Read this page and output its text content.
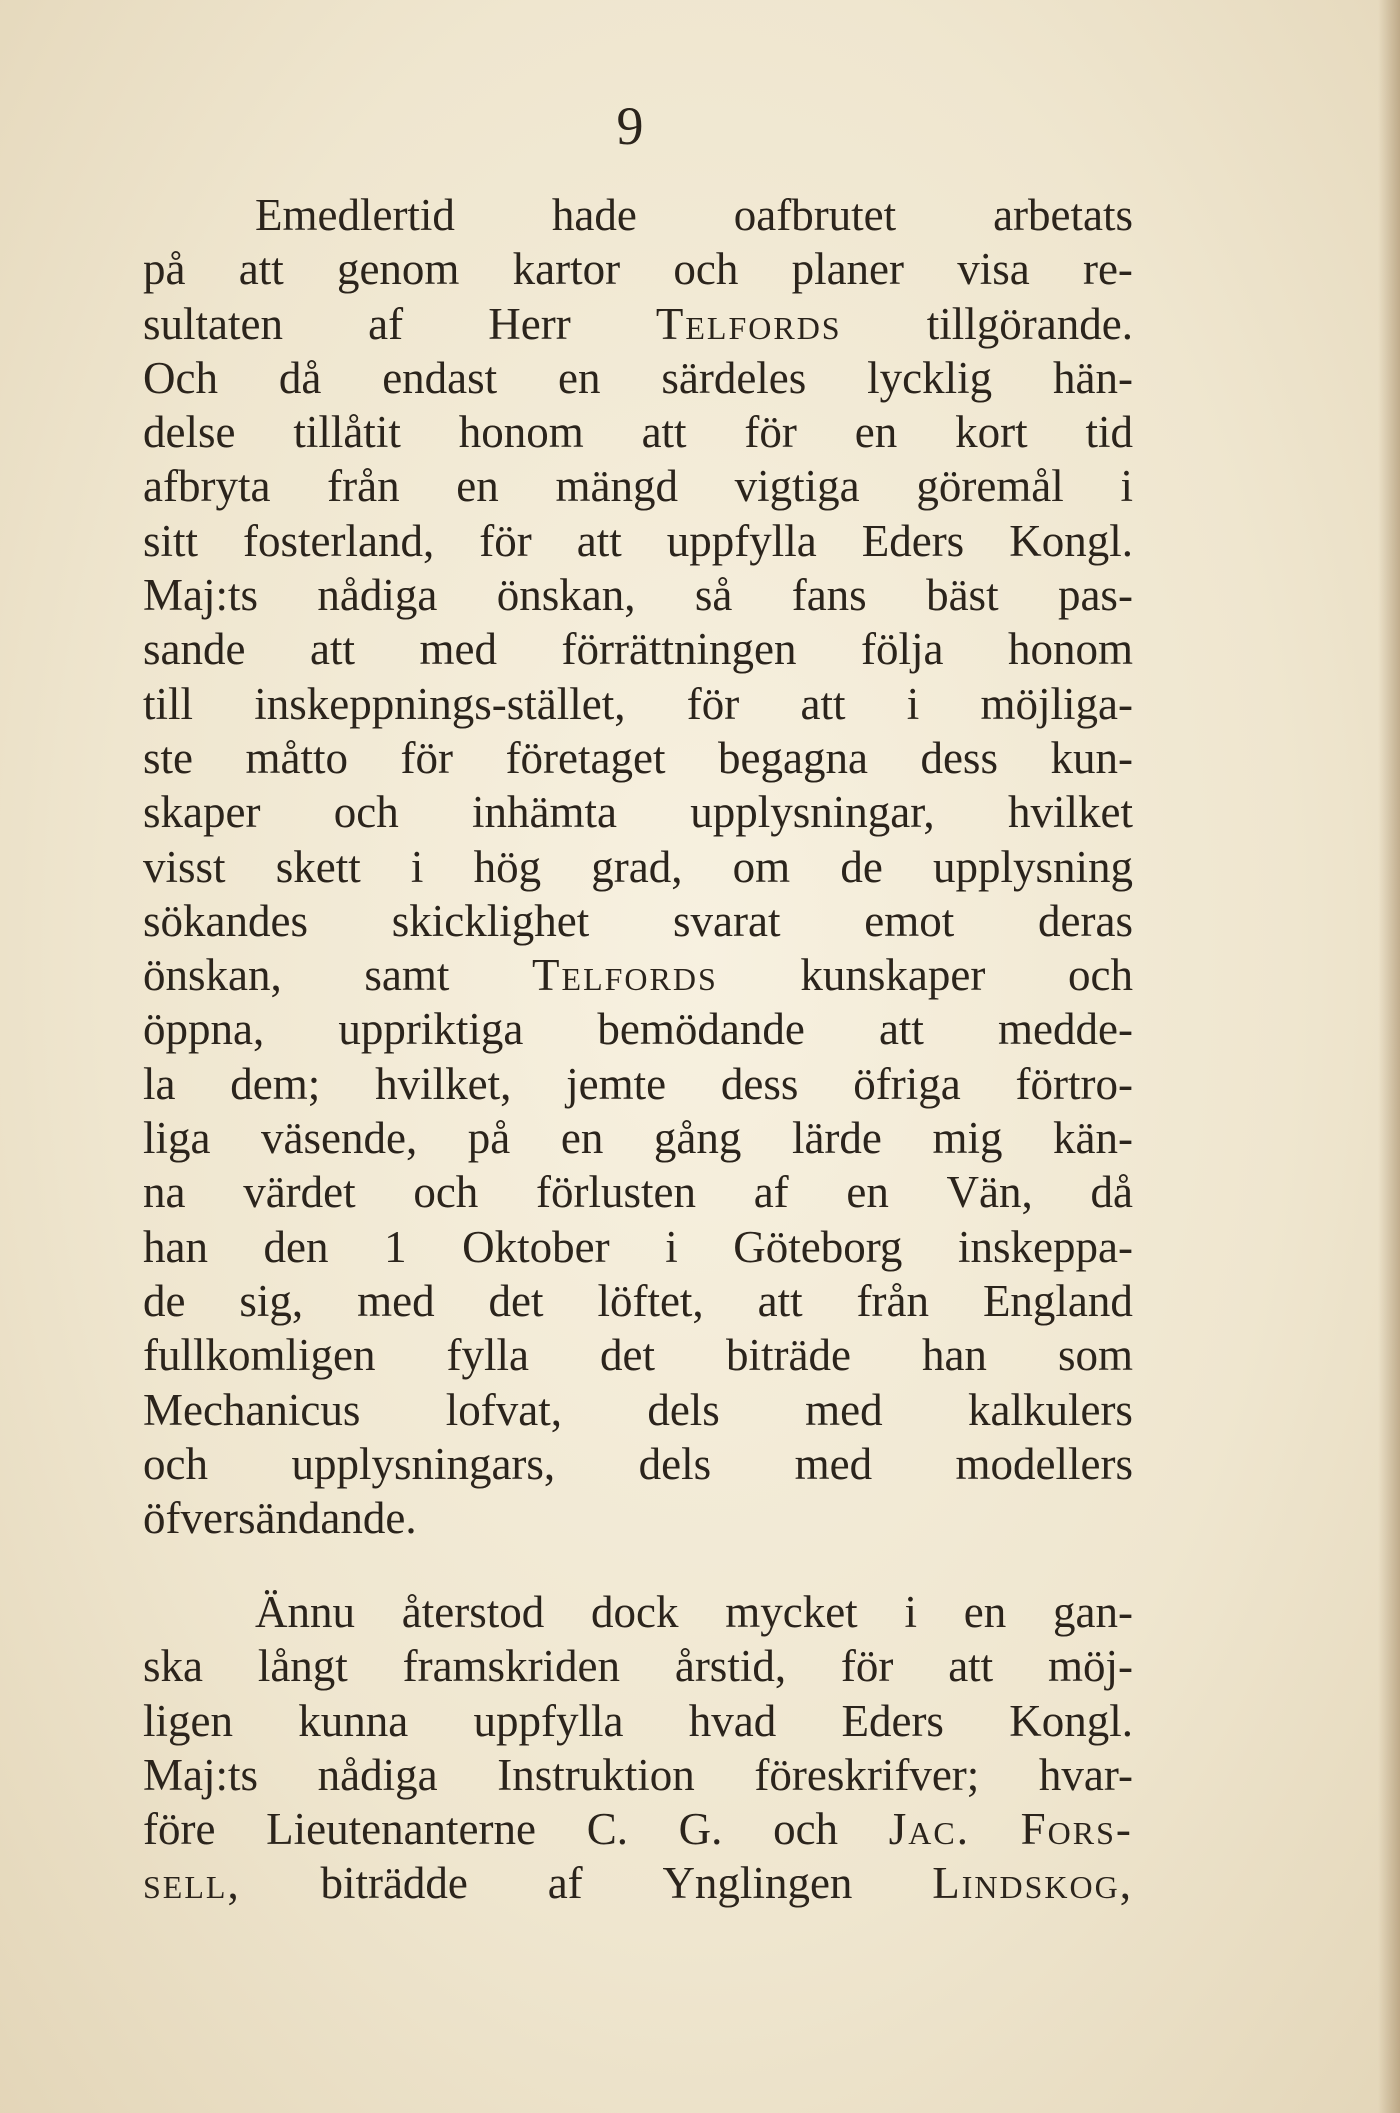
9
Emedlertid hade oafbrutet arbetats
på att genom kartor och planer visa re-
sultaten af Herr Telfords tillgörande.
Och då endast en särdeles lycklig hän-
delse tillåtit honom att för en kort tid
afbryta från en mängd vigtiga göremål i
sitt fosterland, för att uppfylla Eders Kongl.
Maj:ts nådiga önskan, så fans bäst pas-
sande att med förrättningen följa honom
till inskeppnings-stället, för att i möjliga-
ste måtto för företaget begagna dess kun-
skaper och inhämta upplysningar, hvilket
visst skett i hög grad, om de upplysning
sökandes skicklighet svarat emot deras
önskan, samt Telfords kunskaper och
öppna, uppriktiga bemödande att medde-
la dem; hvilket, jemte dess öfriga förtro-
liga väsende, på en gång lärde mig kän-
na värdet och förlusten af en Vän, då
han den 1 Oktober i Göteborg inskeppa-
de sig, med det löftet, att från England
fullkomligen fylla det biträde han som
Mechanicus lofvat, dels med kalkulers
och upplysningars, dels med modellers
öfversändande.
Ännu återstod dock mycket i en gan-
ska långt framskriden årstid, för att möj-
ligen kunna uppfylla hvad Eders Kongl.
Maj:ts nådiga Instruktion föreskrifver; hvar-
före Lieutenanterne C. G. och Jac. Fors-
sell, biträdde af Ynglingen Lindskog,
